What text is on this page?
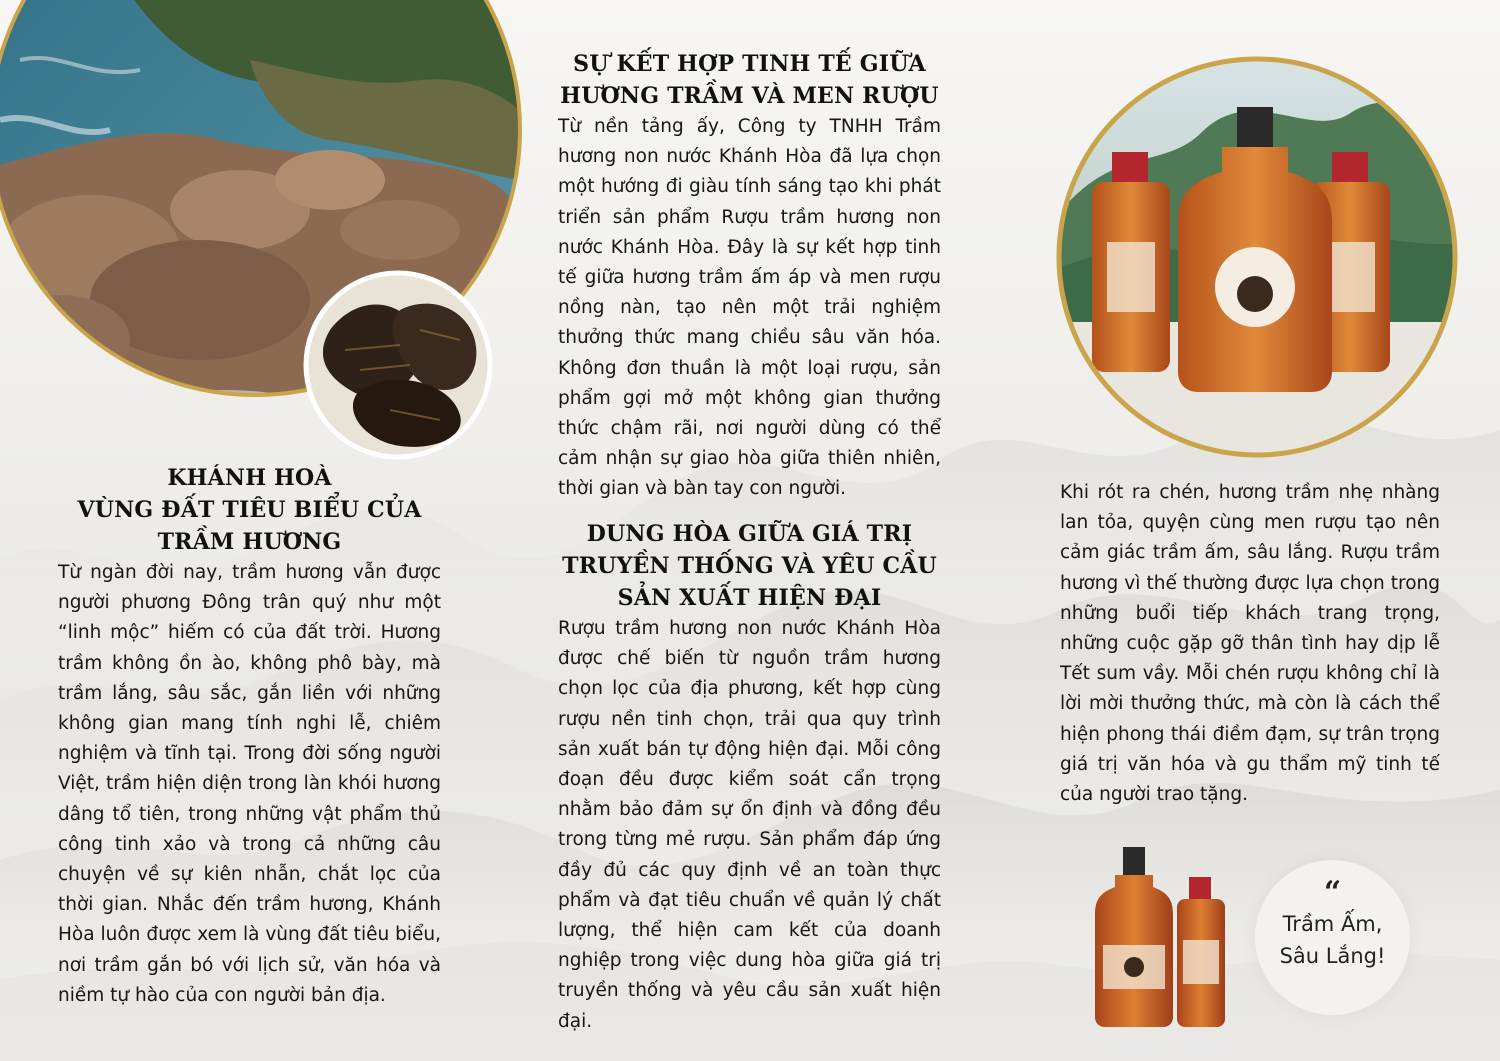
KHÁNH HOÀ
VÙNG ĐẤT TIÊU BIỂU CỦA
TRẦM HƯƠNG

Từ ngàn đời nay, trầm hương vẫn được người phương Đông trân quý như một “linh mộc” hiếm có của đất trời. Hương trầm không ồn ào, không phô bày, mà trầm lắng, sâu sắc, gắn liền với những không gian mang tính nghi lễ, chiêm nghiệm và tĩnh tại. Trong đời sống người Việt, trầm hiện diện trong làn khói hương dâng tổ tiên, trong những vật phẩm thủ công tinh xảo và trong cả những câu chuyện về sự kiên nhẫn, chắt lọc của thời gian. Nhắc đến trầm hương, Khánh Hòa luôn được xem là vùng đất tiêu biểu, nơi trầm gắn bó với lịch sử, văn hóa và niềm tự hào của con người bản địa.

SỰ KẾT HỢP TINH TẾ GIỮA
HƯƠNG TRẦM VÀ MEN RƯỢU

Từ nền tảng ấy, Công ty TNHH Trầm hương non nước Khánh Hòa đã lựa chọn một hướng đi giàu tính sáng tạo khi phát triển sản phẩm Rượu trầm hương non nước Khánh Hòa. Đây là sự kết hợp tinh tế giữa hương trầm ấm áp và men rượu nồng nàn, tạo nên một trải nghiệm thưởng thức mang chiều sâu văn hóa. Không đơn thuần là một loại rượu, sản phẩm gợi mở một không gian thưởng thức chậm rãi, nơi người dùng có thể cảm nhận sự giao hòa giữa thiên nhiên, thời gian và bàn tay con người.

DUNG HÒA GIỮA GIÁ TRỊ
TRUYỀN THỐNG VÀ YÊU CẦU
SẢN XUẤT HIỆN ĐẠI

Rượu trầm hương non nước Khánh Hòa được chế biến từ nguồn trầm hương chọn lọc của địa phương, kết hợp cùng rượu nền tinh chọn, trải qua quy trình sản xuất bán tự động hiện đại. Mỗi công đoạn đều được kiểm soát cẩn trọng nhằm bảo đảm sự ổn định và đồng đều trong từng mẻ rượu. Sản phẩm đáp ứng đầy đủ các quy định về an toàn thực phẩm và đạt tiêu chuẩn về quản lý chất lượng, thể hiện cam kết của doanh nghiệp trong việc dung hòa giữa giá trị truyền thống và yêu cầu sản xuất hiện đại.

Khi rót ra chén, hương trầm nhẹ nhàng lan tỏa, quyện cùng men rượu tạo nên cảm giác trầm ấm, sâu lắng. Rượu trầm hương vì thế thường được lựa chọn trong những buổi tiếp khách trang trọng, những cuộc gặp gỡ thân tình hay dịp lễ Tết sum vầy. Mỗi chén rượu không chỉ là lời mời thưởng thức, mà còn là cách thể hiện phong thái điềm đạm, sự trân trọng giá trị văn hóa và gu thẩm mỹ tinh tế của người trao tặng.

“
Trầm Ấm,
Sâu Lắng!
